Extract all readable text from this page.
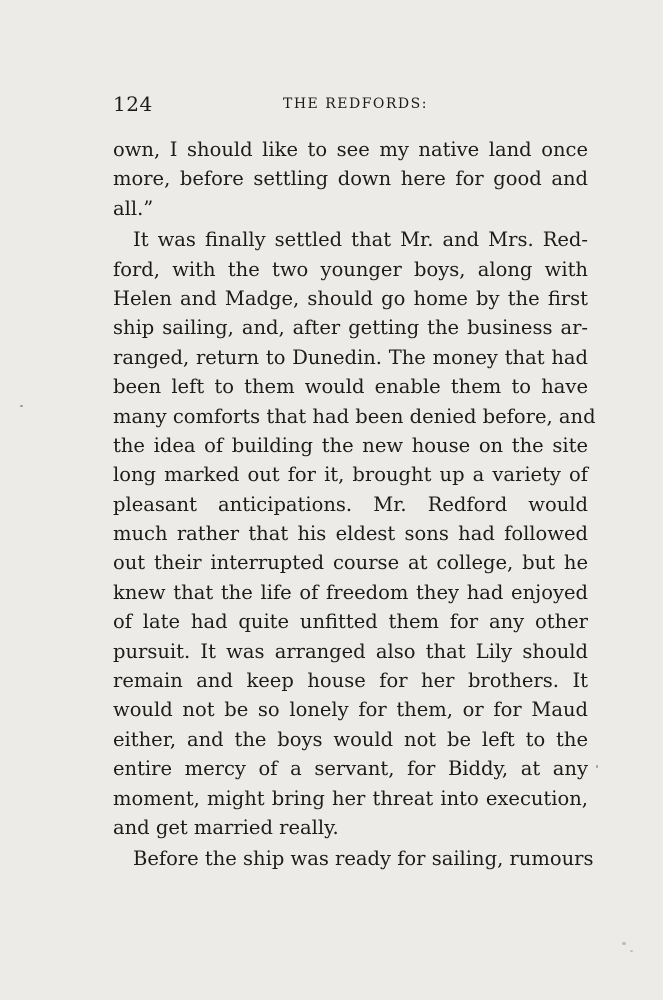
124	THE REDFORDS:
own, I should like to see my native land once
more, before settling down here for good and
all.”
It was finally settled that Mr. and Mrs. Red-
ford, with the two younger boys, along with
Helen and Madge, should go home by the first
ship sailing, and, after getting the business ar-
ranged, return to Dunedin. The money that had
been left to them would enable them to have
many comforts that had been denied before, and
the idea of building the new house on the site
long marked out for it, brought up a variety of
pleasant anticipations. Mr. Redford would
much rather that his eldest sons had followed
out their interrupted course at college, but he
knew that the life of freedom they had enjoyed
of late had quite unfitted them for any other
pursuit. It was arranged also that Lily should
remain and keep house for her brothers. It
would not be so lonely for them, or for Maud
either, and the boys would not be left to the
entire mercy of a servant, for Biddy, at any
moment, might bring her threat into execution,
and get married really.
Before the ship was ready for sailing, rumours
